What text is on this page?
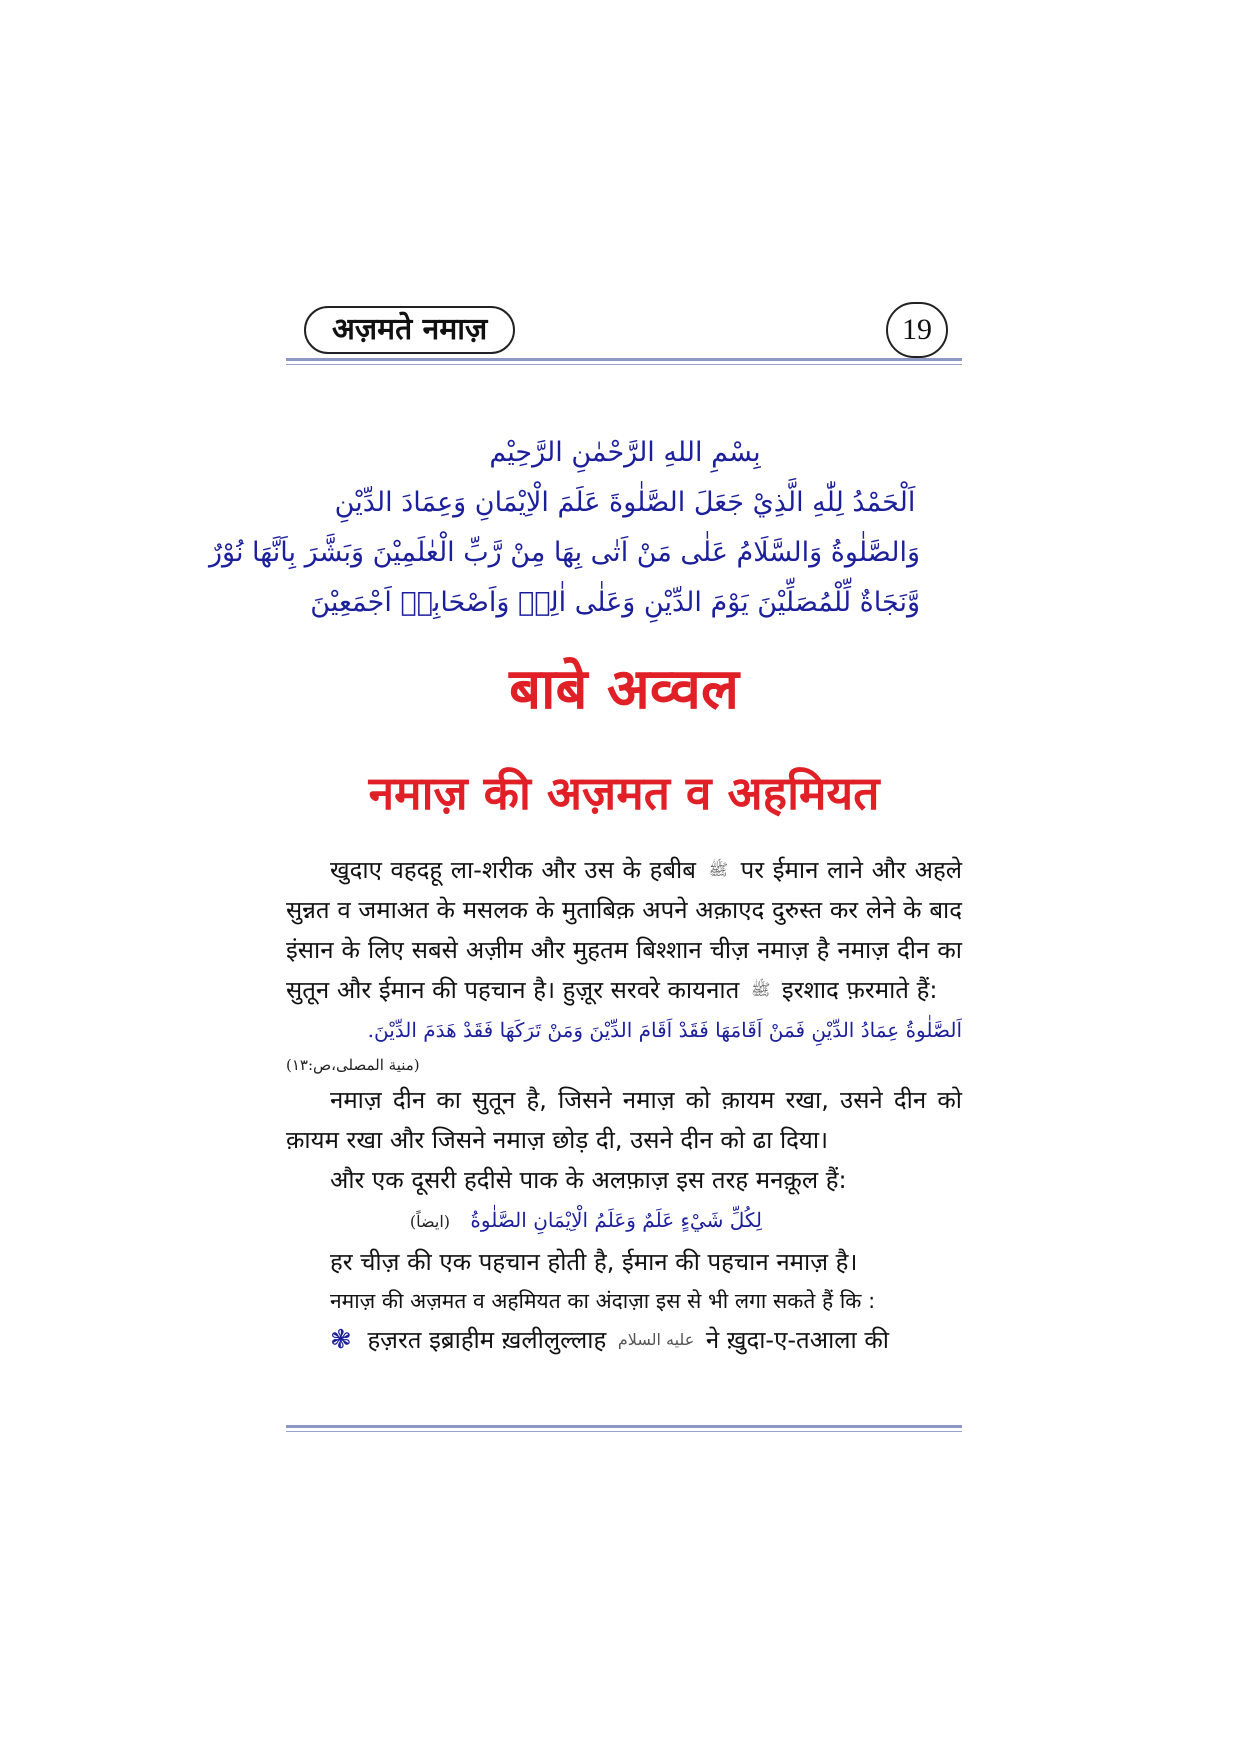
अज़मते नमाज़	19
بِسْمِ اللهِ الرَّحْمٰنِ الرَّحِيْم
اَلْحَمْدُ لِلّٰهِ الَّذِيْ جَعَلَ الصَّلٰوةَ عَلَمَ الْاِيْمَانِ وَعِمَادَ الدِّيْنِ
وَالصَّلٰوةُ وَالسَّلَامُ عَلٰى مَنْ اَتٰى بِهَا مِنْ رَّبِّ الْعٰلَمِيْنَ وَبَشَّرَ بِاَنَّهَا نُوْرٌ
وَّنَجَاةٌ لِّلْمُصَلِّيْنَ يَوْمَ الدِّيْنِ وَعَلٰى اٰلِهٖ وَاَصْحَابِهٖ اَجْمَعِيْنَ
बाबे अव्वल
नमाज़ की अज़मत व अहमियत

खुदाए वहदहू ला-शरीक और उस के हबीब ﷺ पर ईमान लाने और अहले सुन्नत व जमाअत के मसलक के मुताबिक़ अपने अक़ाएद दुरुस्त कर लेने के बाद इंसान के लिए सबसे अज़ीम और मुहतम बिश्शान चीज़ नमाज़ है नमाज़ दीन का सुतून और ईमान की पहचान है। हुज़ूर सरवरे कायनात ﷺ इरशाद फ़रमाते हैं:

اَلصَّلٰوةُ عِمَادُ الدِّيْنِ فَمَنْ اَقَامَهَا فَقَدْ اَقَامَ الدِّيْنَ وَمَنْ تَرَكَهَا فَقَدْ هَدَمَ الدِّيْنَ.
(منية المصلى،ص:١٣)

नमाज़ दीन का सुतून है, जिसने नमाज़ को क़ायम रखा, उसने दीन को क़ायम रखा और जिसने नमाज़ छोड़ दी, उसने दीन को ढा दिया।

और एक दूसरी हदीसे पाक के अलफ़ाज़ इस तरह मनक़ूल हैं:

لِكُلِّ شَيْءٍ عَلَمٌ وَعَلَمُ الْاِيْمَانِ الصَّلٰوةُ (ایضاً)

हर चीज़ की एक पहचान होती है, ईमान की पहचान नमाज़ है।

नमाज़ की अज़मत व अहमियत का अंदाज़ा इस से भी लगा सकते हैं कि :

❃ हज़रत इब्राहीम ख़लीलुल्लाह عليه السلام ने ख़ुदा-ए-तआला की
